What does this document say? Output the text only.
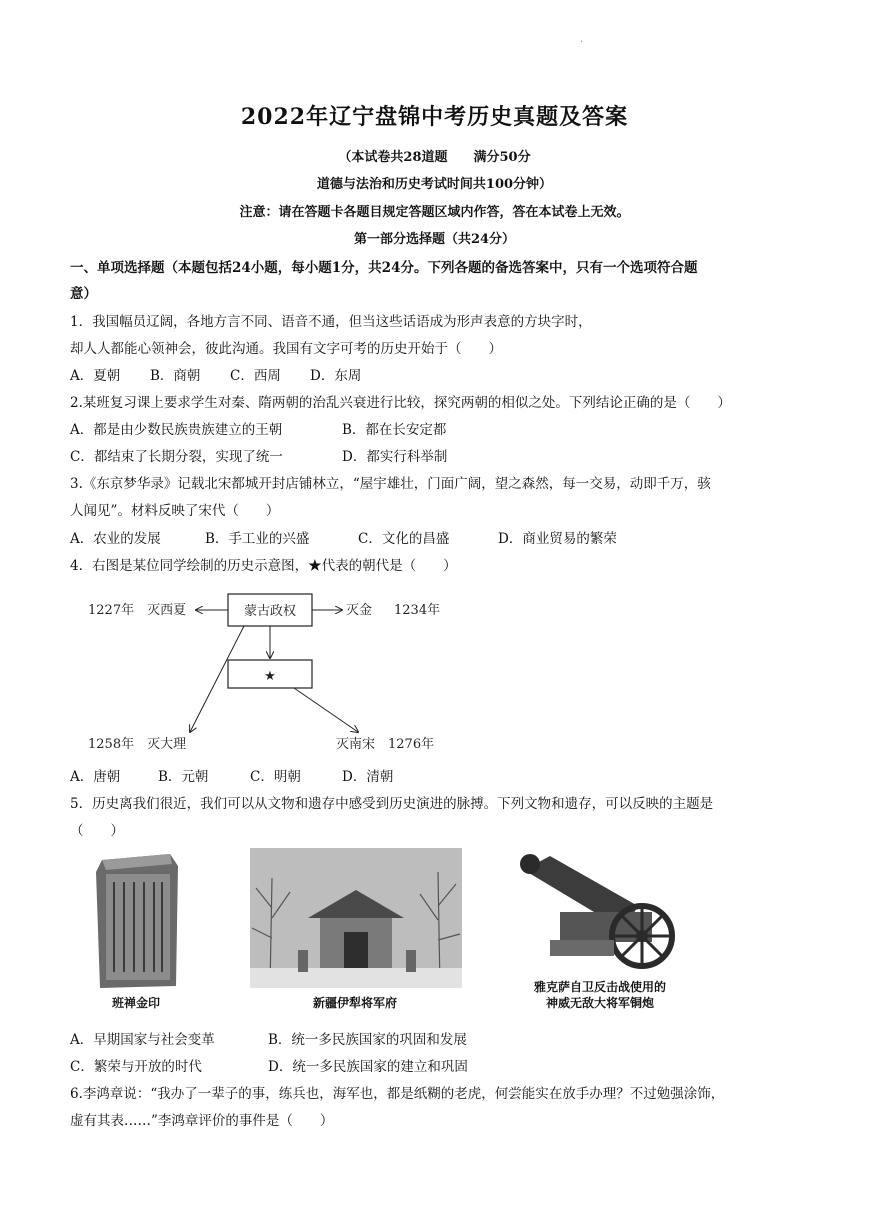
.
2022年辽宁盘锦中考历史真题及答案
（本试卷共28道题　　满分50分
道德与法治和历史考试时间共100分钟）
注意：请在答题卡各题目规定答题区域内作答，答在本试卷上无效。
第一部分选择题（共24分）
一、单项选择题（本题包括24小题，每小题1分，共24分。下列各题的备选答案中，只有一个选项符合题
意）
1．我国幅员辽阔，各地方言不同、语音不通，但当这些话语成为形声表意的方块字时，
却人人都能心领神会，彼此沟通。我国有文字可考的历史开始于（　　）
A．夏朝 B．商朝 C．西周 D．东周
2.某班复习课上要求学生对秦、隋两朝的治乱兴衰进行比较，探究两朝的相似之处。下列结论正确的是（　　）
A．都是由少数民族贵族建立的王朝	B．都在长安定都
C．都结束了长期分裂，实现了统一	D．都实行科举制
3.《东京梦华录》记载北宋都城开封店铺林立，“屋宇雄壮，门面广阔，望之森然，每一交易，动即千万，骇
人闻见”。材料反映了宋代（　　）
A．农业的发展	B．手工业的兴盛	C．文化的昌盛	D．商业贸易的繁荣
4．右图是某位同学绘制的历史示意图，★代表的朝代是（　　）
蒙古政权
★
1227年　灭西夏	灭金 1234年
1258年　灭大理	灭南宋　1276年
A．唐朝	B．元朝	C．明朝	D．清朝
5．历史离我们很近，我们可以从文物和遗存中感受到历史演进的脉搏。下列文物和遗存，可以反映的主题是
（　　）
班禅金印	新疆伊犁将军府
雅克萨自卫反击战使用的
神威无敌大将军铜炮
A．早期国家与社会变革	B．统一多民族国家的巩固和发展
C．繁荣与开放的时代	D．统一多民族国家的建立和巩固
6.李鸿章说：“我办了一辈子的事，练兵也，海军也，都是纸糊的老虎，何尝能实在放手办理？不过勉强涂饰，
虚有其表……”李鸿章评价的事件是（　　）
